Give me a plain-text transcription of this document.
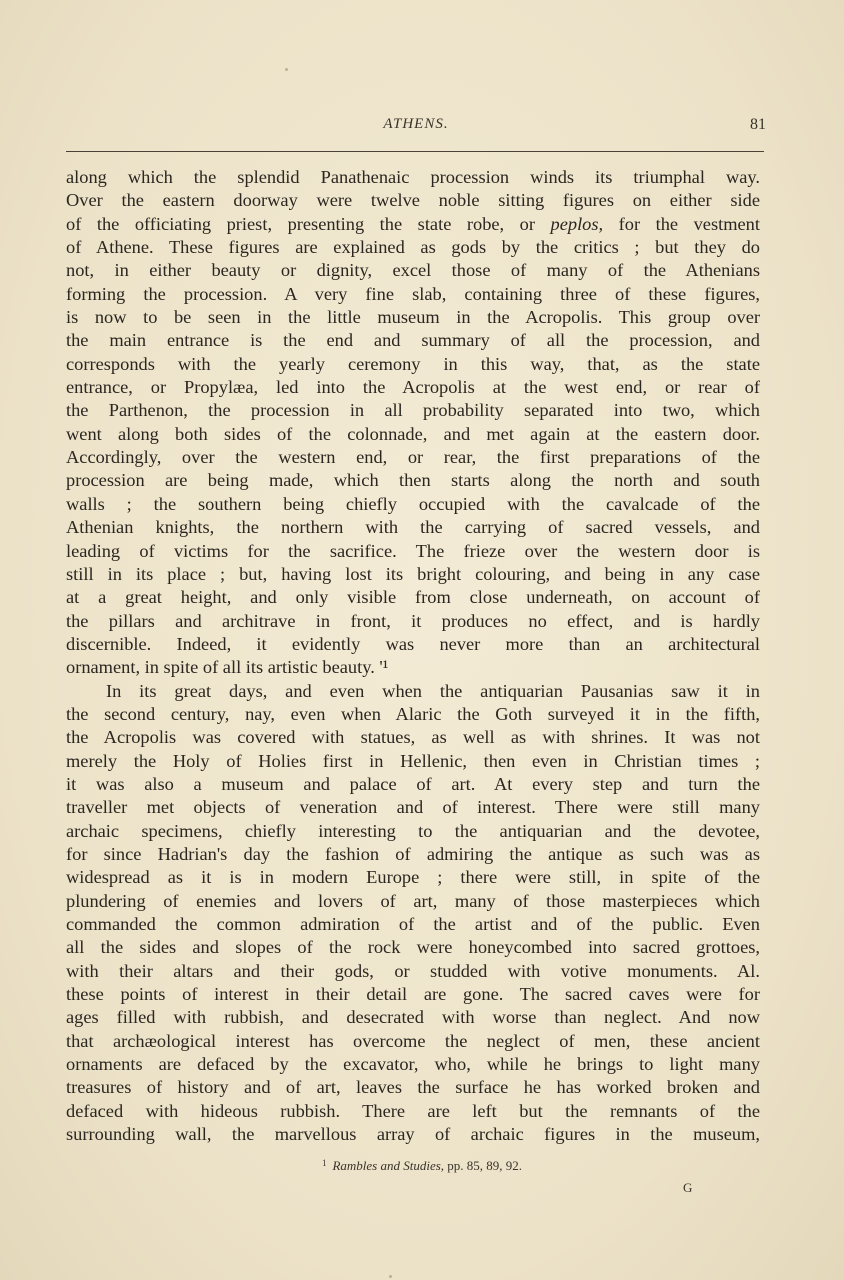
ATHENS.	81
along which the splendid Panathenaic procession winds its triumphal way.
Over the eastern doorway were twelve noble sitting figures on either side
of the officiating priest, presenting the state robe, or peplos, for the vestment
of Athene. These figures are explained as gods by the critics ; but they do
not, in either beauty or dignity, excel those of many of the Athenians
forming the procession. A very fine slab, containing three of these figures,
is now to be seen in the little museum in the Acropolis. This group over
the main entrance is the end and summary of all the procession, and
corresponds with the yearly ceremony in this way, that, as the state
entrance, or Propylæa, led into the Acropolis at the west end, or rear of
the Parthenon, the procession in all probability separated into two, which
went along both sides of the colonnade, and met again at the eastern door.
Accordingly, over the western end, or rear, the first preparations of the
procession are being made, which then starts along the north and south
walls ; the southern being chiefly occupied with the cavalcade of the
Athenian knights, the northern with the carrying of sacred vessels, and
leading of victims for the sacrifice. The frieze over the western door is
still in its place ; but, having lost its bright colouring, and being in any case
at a great height, and only visible from close underneath, on account of
the pillars and architrave in front, it produces no effect, and is hardly
discernible. Indeed, it evidently was never more than an architectural
ornament, in spite of all its artistic beauty. '¹
In its great days, and even when the antiquarian Pausanias saw it in
the second century, nay, even when Alaric the Goth surveyed it in the fifth,
the Acropolis was covered with statues, as well as with shrines. It was not
merely the Holy of Holies first in Hellenic, then even in Christian times ;
it was also a museum and palace of art. At every step and turn the
traveller met objects of veneration and of interest. There were still many
archaic specimens, chiefly interesting to the antiquarian and the devotee,
for since Hadrian's day the fashion of admiring the antique as such was as
widespread as it is in modern Europe ; there were still, in spite of the
plundering of enemies and lovers of art, many of those masterpieces which
commanded the common admiration of the artist and of the public. Even
all the sides and slopes of the rock were honeycombed into sacred grottoes,
with their altars and their gods, or studded with votive monuments. Al.
these points of interest in their detail are gone. The sacred caves were for
ages filled with rubbish, and desecrated with worse than neglect. And now
that archæological interest has overcome the neglect of men, these ancient
ornaments are defaced by the excavator, who, while he brings to light many
treasures of history and of art, leaves the surface he has worked broken and
defaced with hideous rubbish. There are left but the remnants of the
surrounding wall, the marvellous array of archaic figures in the museum,
$^1$ Rambles and Studies, pp. 85, 89, 92.
G
